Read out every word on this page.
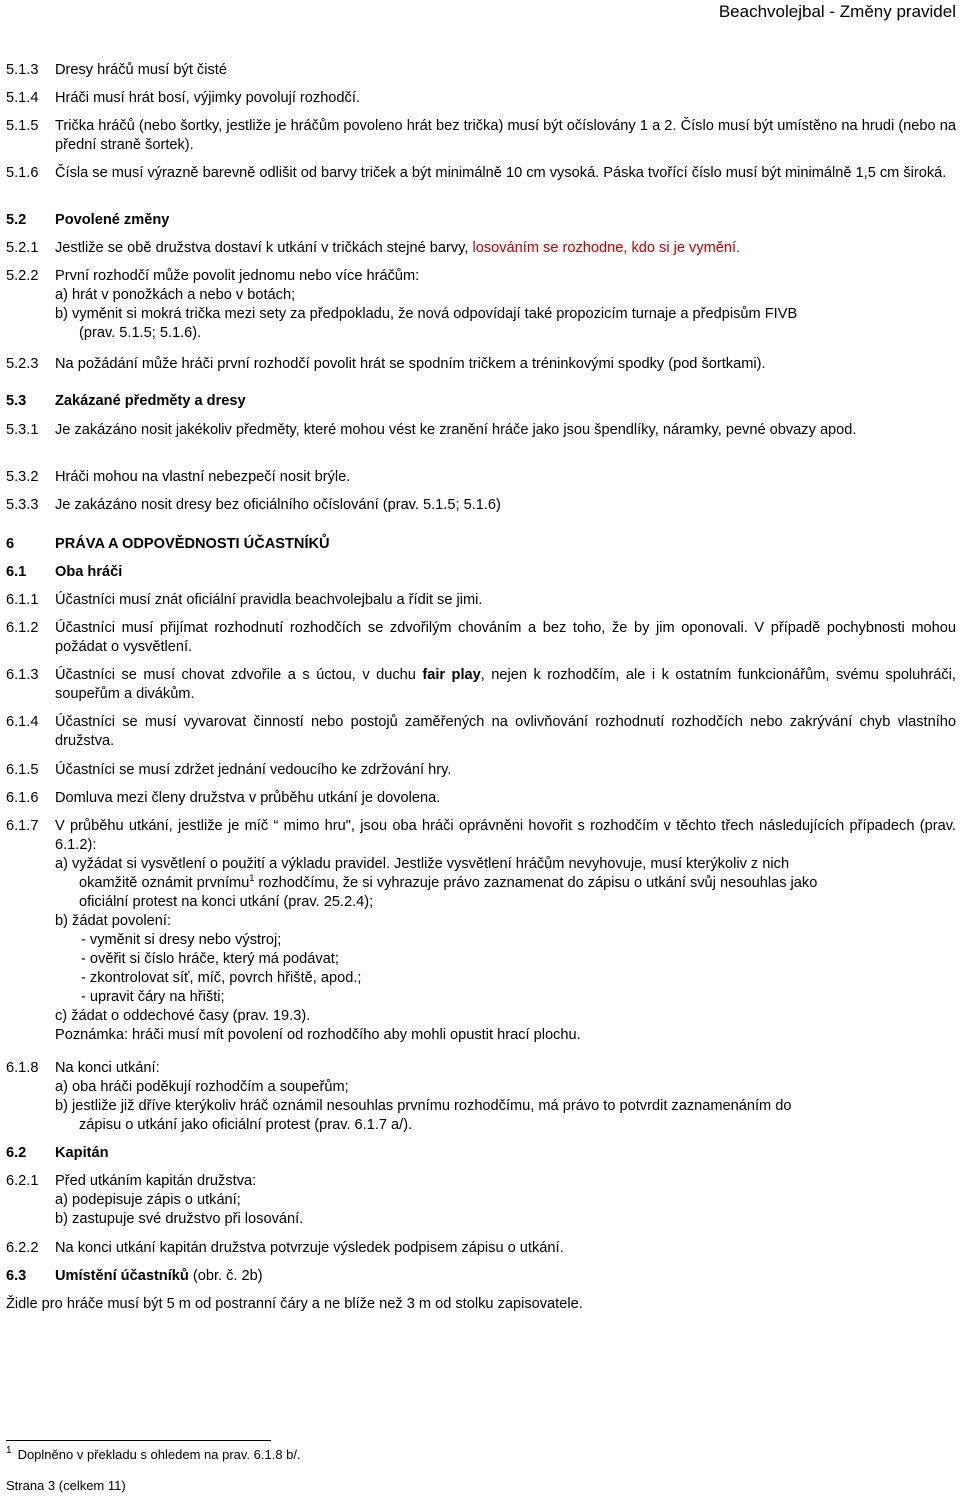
Beachvolejbal - Změny pravidel
5.1.3	Dresy hráčů musí být čisté
5.1.4	Hráči musí hrát bosí, výjimky povolují rozhodčí.
5.1.5	Trička hráčů (nebo šortky, jestliže je hráčům povoleno hrát bez trička) musí být očíslovány 1 a 2. Číslo musí být umístěno na hrudi (nebo na přední straně šortek).
5.1.6	Čísla se musí výrazně barevně odlišit od barvy triček a být minimálně 10 cm vysoká. Páska tvořící číslo musí být minimálně 1,5 cm široká.
5.2	Povolené změny
5.2.1	Jestliže se obě družstva dostaví k utkání v tričkách stejné barvy, losováním se rozhodne, kdo si je vymění.
5.2.2	První rozhodčí může povolit jednomu nebo více hráčům:
a) hrát v ponožkách a nebo v botách;
b) vyměnit si mokrá trička mezi sety za předpokladu, že nová odpovídají také propozicím turnaje a předpisům FIVB
(prav. 5.1.5; 5.1.6).
5.2.3	Na požádání může hráči první rozhodčí povolit hrát se spodním tričkem a tréninkovými spodky (pod šortkami).
5.3	Zakázané předměty a dresy
5.3.1	Je zakázáno nosit jakékoliv předměty, které mohou vést ke zranění hráče jako jsou špendlíky, náramky, pevné obvazy apod.
5.3.2	Hráči mohou na vlastní nebezpečí nosit brýle.
5.3.3	Je zakázáno nosit dresy bez oficiálního očíslování (prav. 5.1.5; 5.1.6)
6	PRÁVA A ODPOVĚDNOSTI ÚČASTNÍKŮ
6.1	Oba hráči
6.1.1	Účastníci musí znát oficiální pravidla beachvolejbalu a řídit se jimi.
6.1.2	Účastníci musí přijímat rozhodnutí rozhodčích se zdvořilým chováním a bez toho, že by jim oponovali. V případě pochybnosti mohou požádat o vysvětlení.
6.1.3	Účastníci se musí chovat zdvořile a s úctou, v duchu fair play, nejen k rozhodčím, ale i k ostatním funkcionářům, svému spoluhráči, soupeřům a divákům.
6.1.4	Účastníci se musí vyvarovat činností nebo postojů zaměřených na ovlivňování rozhodnutí rozhodčích nebo zakrývání chyb vlastního družstva.
6.1.5	Účastníci se musí zdržet jednání vedoucího ke zdržování hry.
6.1.6	Domluva mezi členy družstva v průběhu utkání je dovolena.
6.1.7	V průběhu utkání, jestliže je míč “ mimo hru", jsou oba hráči oprávněni hovořit s rozhodčím v těchto třech následujících případech (prav. 6.1.2):
a) vyžádat si vysvětlení o použití a výkladu pravidel. Jestliže vysvětlení hráčům nevyhovuje, musí kterýkoliv z nich
okamžitě oznámit prvnímu$^1$ rozhodčímu, že si vyhrazuje právo zaznamenat do zápisu o utkání svůj nesouhlas jako
oficiální protest na konci utkání (prav. 25.2.4);
b) žádat povolení:
- vyměnit si dresy nebo výstroj;
- ověřit si číslo hráče, který má podávat;
- zkontrolovat síť, míč, povrch hřiště, apod.;
- upravit čáry na hřišti;
c) žádat o oddechové časy (prav. 19.3).
Poznámka: hráči musí mít povolení od rozhodčího aby mohli opustit hrací plochu.
6.1.8	Na konci utkání:
a) oba hráči poděkují rozhodčím a soupeřům;
b) jestliže již dříve kterýkoliv hráč oznámil nesouhlas prvnímu rozhodčímu, má právo to potvrdit zaznamenáním do
zápisu o utkání jako oficiální protest (prav. 6.1.7 a/).
6.2	Kapitán
6.2.1	Před utkáním kapitán družstva:
a) podepisuje zápis o utkání;
b) zastupuje své družstvo při losování.
6.2.2	Na konci utkání kapitán družstva potvrzuje výsledek podpisem zápisu o utkání.
6.3	Umístění účastníků (obr. č. 2b)
Židle pro hráče musí být 5 m od postranní čáry a ne blíže než 3 m od stolku zapisovatele.
$^1$ Doplněno v překladu s ohledem na prav. 6.1.8 b/.
Strana 3 (celkem 11)
